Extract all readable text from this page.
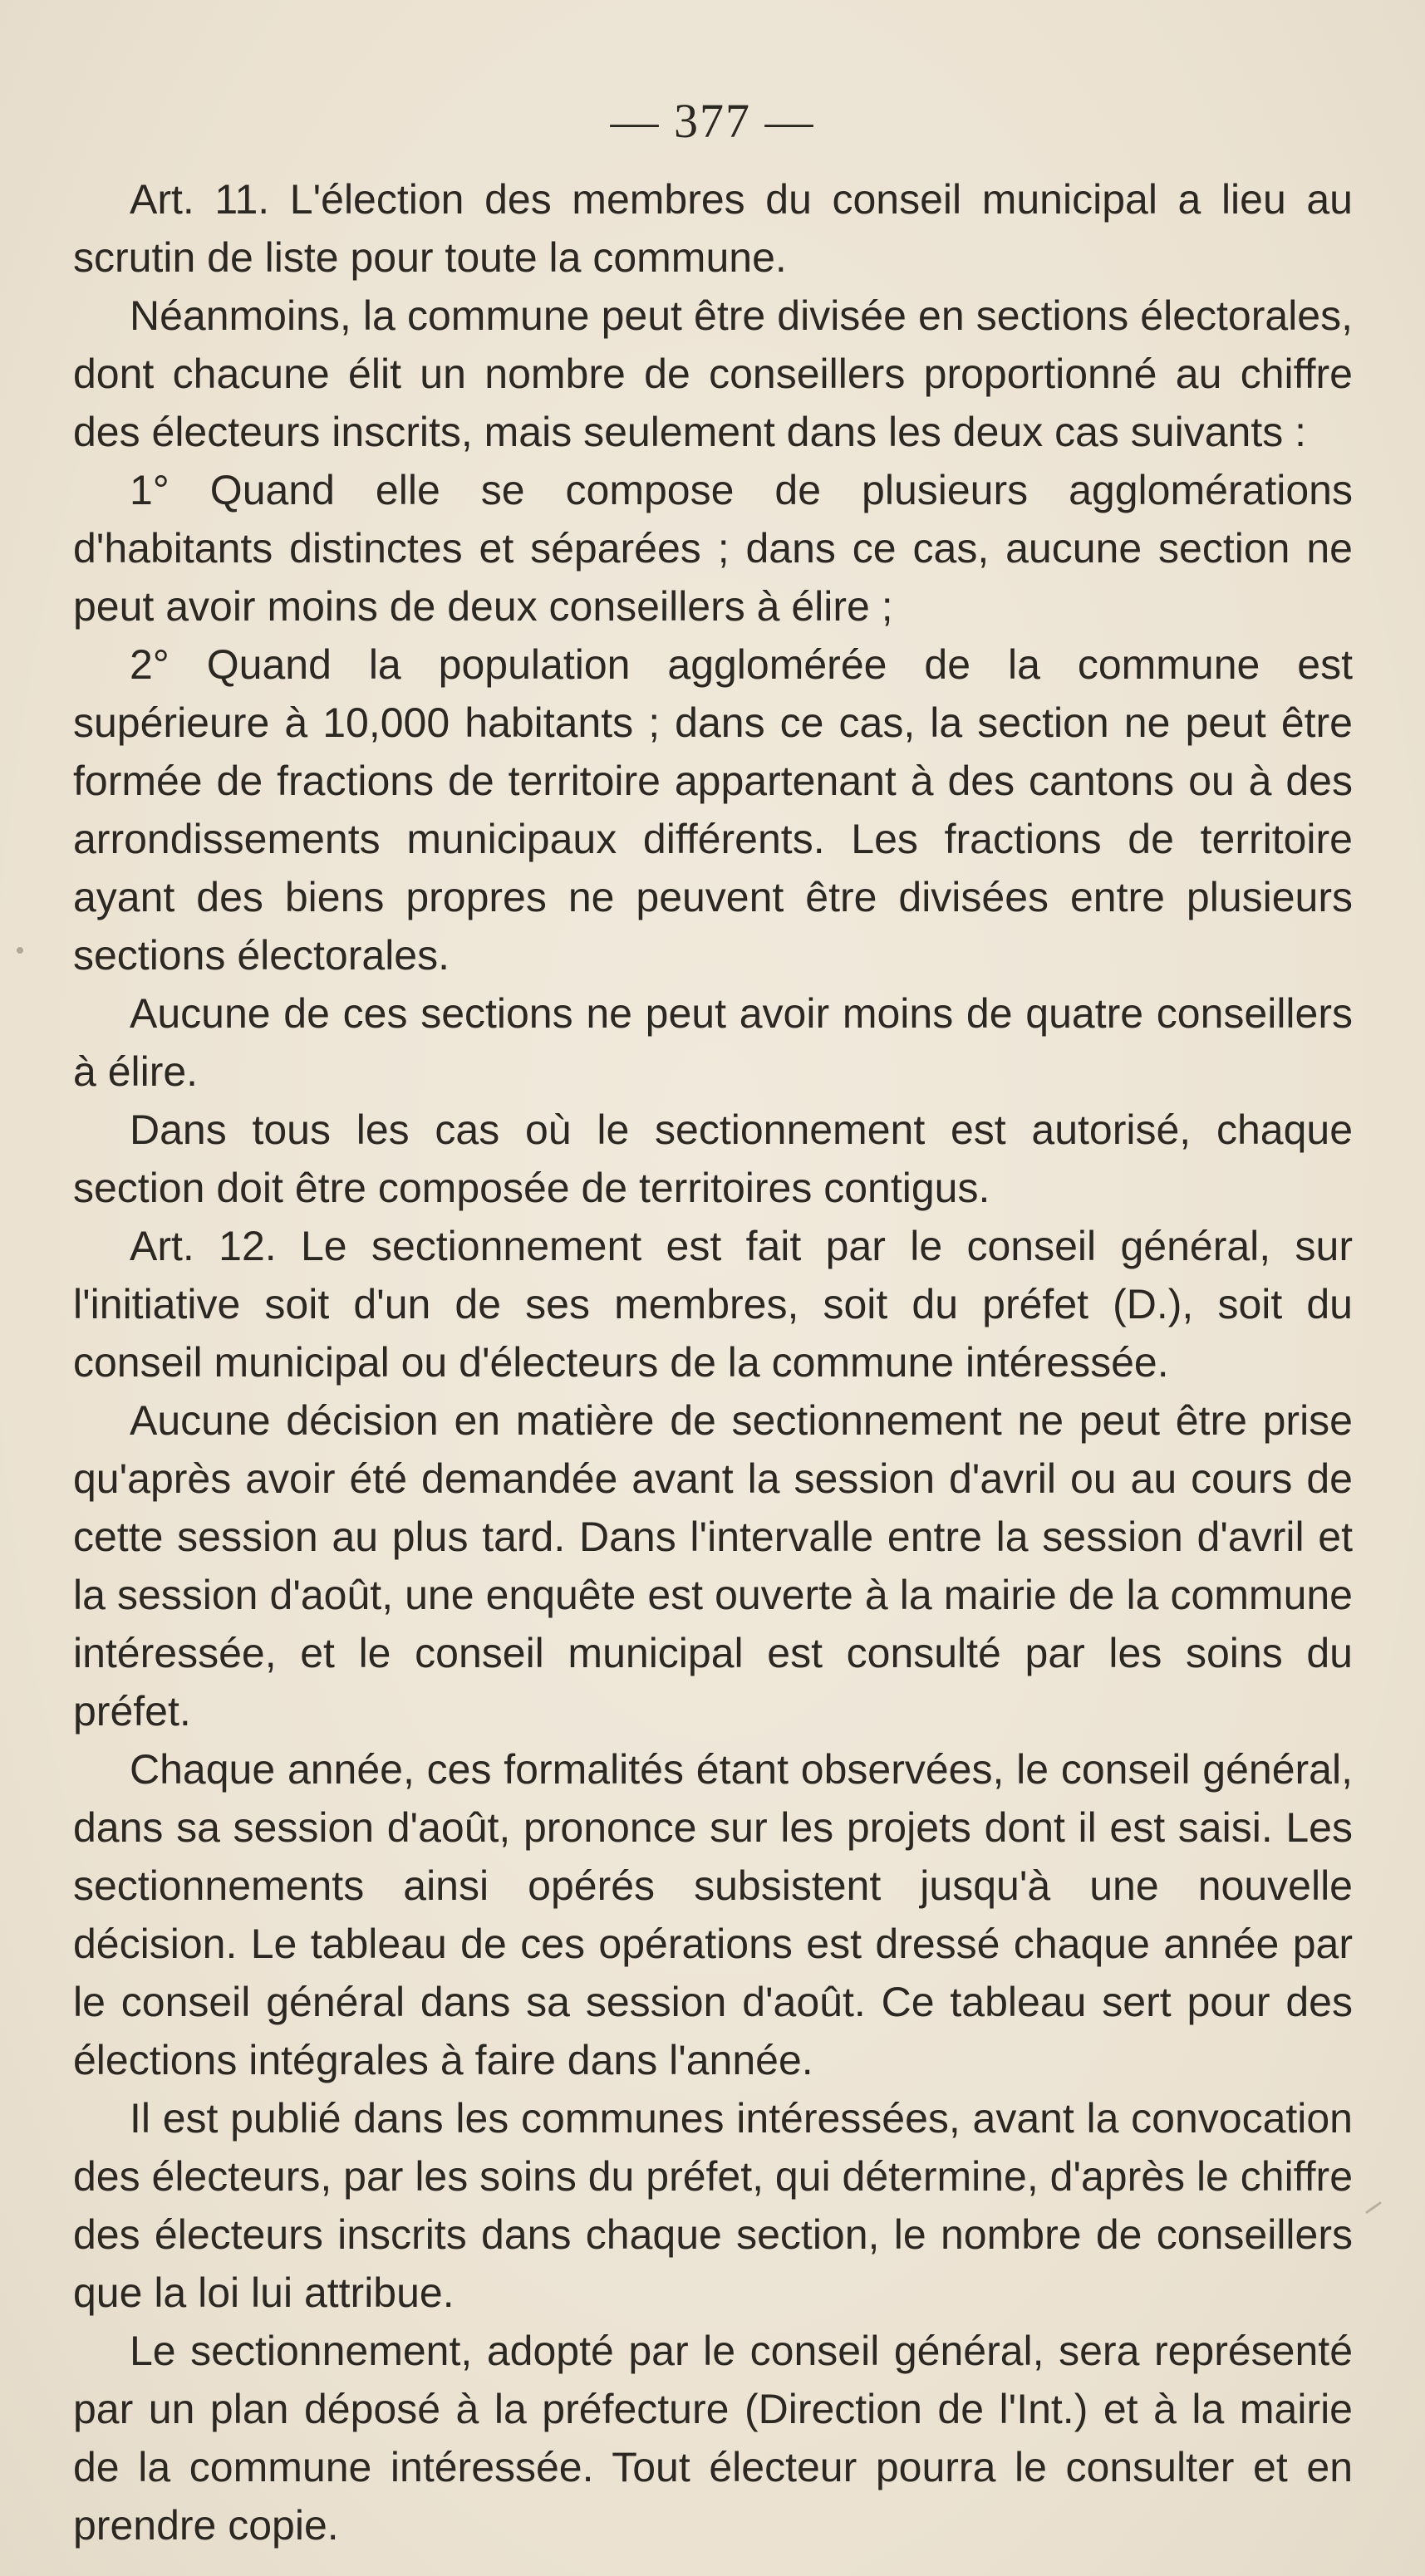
— 377 —

Art. 11. L'élection des membres du conseil municipal a lieu au scrutin de liste pour toute la commune.

Néanmoins, la commune peut être divisée en sections électorales, dont chacune élit un nombre de conseillers proportionné au chiffre des électeurs inscrits, mais seulement dans les deux cas suivants :

1° Quand elle se compose de plusieurs agglomérations d'habitants distinctes et séparées ; dans ce cas, aucune section ne peut avoir moins de deux conseillers à élire ;

2° Quand la population agglomérée de la commune est supérieure à 10,000 habitants ; dans ce cas, la section ne peut être formée de fractions de territoire appartenant à des cantons ou à des arrondissements municipaux différents. Les fractions de territoire ayant des biens propres ne peuvent être divisées entre plusieurs sections électorales.

Aucune de ces sections ne peut avoir moins de quatre conseillers à élire.

Dans tous les cas où le sectionnement est autorisé, chaque section doit être composée de territoires contigus.

Art. 12. Le sectionnement est fait par le conseil général, sur l'initiative soit d'un de ses membres, soit du préfet (D.), soit du conseil municipal ou d'électeurs de la commune intéressée.

Aucune décision en matière de sectionnement ne peut être prise qu'après avoir été demandée avant la session d'avril ou au cours de cette session au plus tard. Dans l'intervalle entre la session d'avril et la session d'août, une enquête est ouverte à la mairie de la commune intéressée, et le conseil municipal est consulté par les soins du préfet.

Chaque année, ces formalités étant observées, le conseil général, dans sa session d'août, prononce sur les projets dont il est saisi. Les sectionnements ainsi opérés subsistent jusqu'à une nouvelle décision. Le tableau de ces opérations est dressé chaque année par le conseil général dans sa session d'août. Ce tableau sert pour des élections intégrales à faire dans l'année.

Il est publié dans les communes intéressées, avant la convocation des électeurs, par les soins du préfet, qui détermine, d'après le chiffre des électeurs inscrits dans chaque section, le nombre de conseillers que la loi lui attribue.

Le sectionnement, adopté par le conseil général, sera représenté par un plan déposé à la préfecture (Direction de l'Int.) et à la mairie de la commune intéressée. Tout électeur pourra le consulter et en prendre copie.
